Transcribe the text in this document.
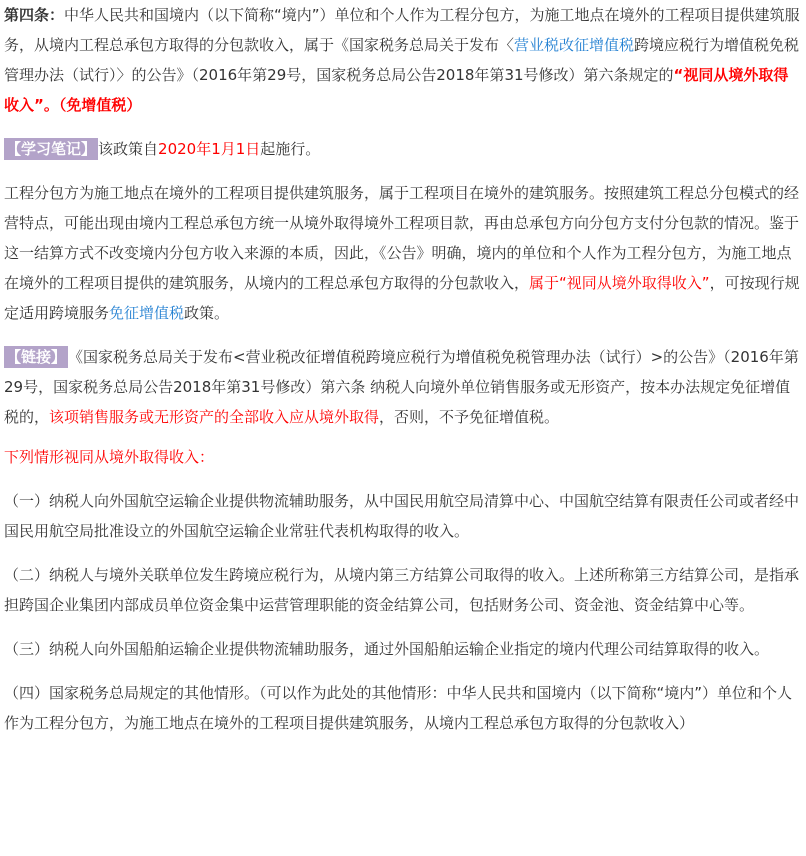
第四条：中华人民共和国境内（以下简称“境内”）单位和个人作为工程分包方，为施工地点在境外的工程项目提供建筑服务，从境内工程总承包方取得的分包款收入，属于《国家税务总局关于发布〈营业税改征增值税跨境应税行为增值税免税管理办法（试行）〉的公告》（2016年第29号，国家税务总局公告2018年第31号修改）第六条规定的“视同从境外取得收入”。（免增值税）

【学习笔记】 该政策自2020年1月1日起施行。

工程分包方为施工地点在境外的工程项目提供建筑服务，属于工程项目在境外的建筑服务。按照建筑工程总分包模式的经营特点，可能出现由境内工程总承包方统一从境外取得境外工程项目款，再由总承包方向分包方支付分包款的情况。鉴于这一结算方式不改变境内分包方收入来源的本质，因此，《公告》明确，境内的单位和个人作为工程分包方，为施工地点在境外的工程项目提供的建筑服务，从境内的工程总承包方取得的分包款收入，属于“视同从境外取得收入”，可按现行规定适用跨境服务免征增值税政策。

【链接】 《国家税务总局关于发布<营业税改征增值税跨境应税行为增值税免税管理办法（试行）>的公告》（2016年第29号，国家税务总局公告2018年第31号修改）第六条 纳税人向境外单位销售服务或无形资产，按本办法规定免征增值税的，该项销售服务或无形资产的全部收入应从境外取得，否则，不予免征增值税。

下列情形视同从境外取得收入：

（一）纳税人向外国航空运输企业提供物流辅助服务，从中国民用航空局清算中心、中国航空结算有限责任公司或者经中国民用航空局批准设立的外国航空运输企业常驻代表机构取得的收入。

（二）纳税人与境外关联单位发生跨境应税行为，从境内第三方结算公司取得的收入。上述所称第三方结算公司，是指承担跨国企业集团内部成员单位资金集中运营管理职能的资金结算公司，包括财务公司、资金池、资金结算中心等。

（三）纳税人向外国船舶运输企业提供物流辅助服务，通过外国船舶运输企业指定的境内代理公司结算取得的收入。

（四）国家税务总局规定的其他情形。（可以作为此处的其他情形：中华人民共和国境内（以下简称“境内”）单位和个人作为工程分包方，为施工地点在境外的工程项目提供建筑服务，从境内工程总承包方取得的分包款收入）
